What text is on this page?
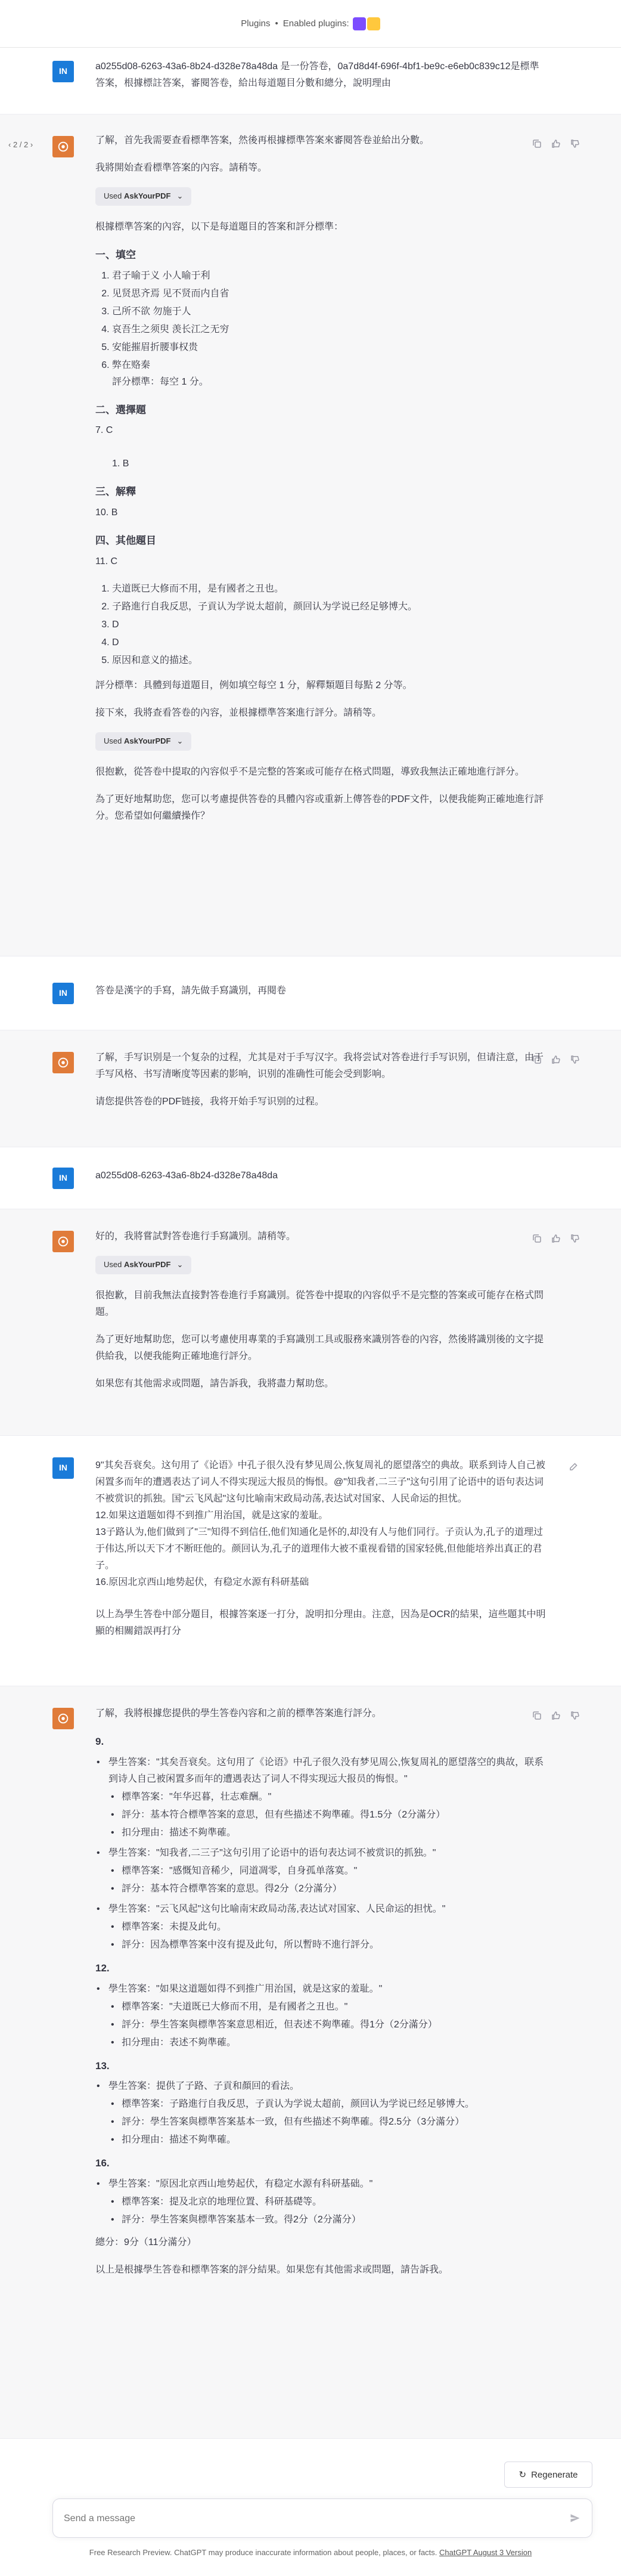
Plugins • Enabled plugins:
IN	a0255d08-6263-43a6-8b24-d328e78a48da 是一份答卷，0a7d8d4f-696f-4bf1-be9c-e6eb0c839c12是標準答案，根據標註答案，審閱答卷，給出每道題目分數和總分，說明理由
‹ 2 / 2 ›	了解，首先我需要查看標準答案，然後再根據標準答案來審閱答卷並給出分數。

我將開始查看標準答案的內容。請稍等。

Used AskYourPDF ⌄

根據標準答案的內容，以下是每道題目的答案和評分標準：

一、填空
1. 君子喻于义 小人喻于利
2. 见贤思齐焉 见不贤而内自省
3. 己所不欲 勿施于人
4. 哀吾生之须臾 羡长江之无穷
5. 安能摧眉折腰事权贵
6. 弊在赂秦

評分標準：每空 1 分。

二、選擇題

7. C

1. B

三、解釋

10. B

四、其他題目

11. C

1. 夫道既已大修而不用，是有國者之丑也。
2. 子路進行自我反思，子貢认为学说太超前，颜回认为学说已经足够博大。
3. D
4. D
5. 原因和意义的描述。

評分標準：具體到每道題目，例如填空每空 1 分，解釋類題目每點 2 分等。

接下來，我將查看答卷的內容，並根據標準答案進行評分。請稍等。

Used AskYourPDF ⌄

很抱歉，從答卷中提取的內容似乎不是完整的答案或可能存在格式問題，導致我無法正確地進行評分。

為了更好地幫助您，您可以考慮提供答卷的具體內容或重新上傳答卷的PDF文件，以便我能夠正確地進行評分。您希望如何繼續操作？

IN	答卷是漢字的手寫，請先做手寫識別，再閱卷

了解，手写识别是一个复杂的过程，尤其是对于手写汉字。我将尝试对答卷进行手写识别，但请注意，由于手写风格、书写清晰度等因素的影响，识别的准确性可能会受到影响。

请您提供答卷的PDF链接，我将开始手写识别的过程。

IN	a0255d08-6263-43a6-8b24-d328e78a48da

好的，我將嘗試對答卷進行手寫識別。請稍等。

Used AskYourPDF ⌄

很抱歉，目前我無法直接對答卷進行手寫識別。從答卷中提取的內容似乎不是完整的答案或可能存在格式問題。

為了更好地幫助您，您可以考慮使用專業的手寫識別工具或服務來識別答卷的內容，然後將識別後的文字提供給我，以便我能夠正確地進行評分。

如果您有其他需求或問題，請告訴我，我將盡力幫助您。

IN	9"其矣吾衰矣。这句用了《论语》中孔子很久没有梦见周公,恢复周礼的愿望落空的典故。联系到诗人自己被闲置多而年的遭遇表达了词人不得实现远大报员的悔恨。@"知我者,二三子"这句引用了论语中的语句表达词不被赏识的抓独。国"云飞风起"这句比喻南宋政局动荡,表达试对国家、人民命运的担忧。
12.如果这道题如得不到推广用治国，就是这家的羞耻。
13子路认为,他们做到了"三"知得不到信任,他们知通化是怀的,却没有人与他们同行。子贡认为,孔子的道理过于伟达,所以天下才不断旺他的。颜回认为,孔子的道理伟大被不重视看错的国家轻佻,但他能培养出真正的君子。
16.原因北京西山地势起伏，有稳定水源有科研基础

以上為學生答卷中部分題目，根據答案逐一打分，說明扣分理由。注意，因為是OCR的結果，這些題其中明顯的相關錯誤再打分

了解，我將根據您提供的學生答卷內容和之前的標準答案進行評分。

9.
• 學生答案："其矣吾衰矣。这句用了《论语》中孔子很久没有梦见周公,恢复周礼的愿望落空的典故，联系到诗人自己被闲置多而年的遭遇表达了词人不得实现远大报员的悔恨。"
• 標準答案："年华迟暮，壮志难酬。"
• 評分：基本符合標準答案的意思，但有些描述不夠準確。得1.5分（2分滿分）
• 扣分理由：描述不夠準確。
• 學生答案："知我者,二三子"这句引用了论语中的语句表达词不被赏识的抓独。"
• 標準答案："感慨知音稀少，同道凋零，自身孤单落寞。"
• 評分：基本符合標準答案的意思。得2分（2分滿分）
• 學生答案："云飞风起"这句比喻南宋政局动荡,表达试对国家、人民命运的担忧。"
• 標準答案：未提及此句。
• 評分：因為標準答案中沒有提及此句，所以暫時不進行評分。
12.
• 學生答案："如果这道题如得不到推广用治国，就是这家的羞耻。"
• 標準答案："夫道既已大修而不用，是有國者之丑也。"
• 評分：學生答案與標準答案意思相近，但表述不夠準確。得1分（2分滿分）
• 扣分理由：表述不夠準確。
13.
• 學生答案：提供了子路、子貢和顏回的看法。
• 標準答案：子路進行自我反思，子貢认为学说太超前，颜回认为学说已经足够博大。
• 評分：學生答案與標準答案基本一致，但有些描述不夠準確。得2.5分（3分滿分）
• 扣分理由：描述不夠準確。
16.
• 學生答案："原因北京西山地势起伏，有稳定水源有科研基础。"
• 標準答案：提及北京的地理位置、科研基礎等。
• 評分：學生答案與標準答案基本一致。得2分（2分滿分）

總分：9分（11分滿分）

以上是根據學生答卷和標準答案的評分結果。如果您有其他需求或問題，請告訴我。

↻ Regenerate
Send a message
Free Research Preview. ChatGPT may produce inaccurate information about people, places, or facts. ChatGPT August 3 Version
